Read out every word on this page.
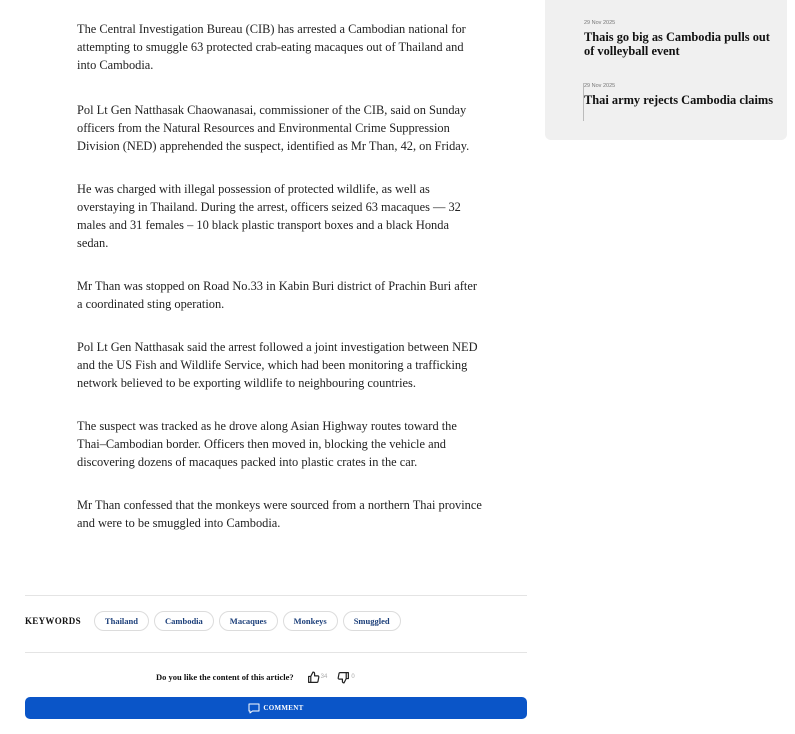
The Central Investigation Bureau (CIB) has arrested a Cambodian national for attempting to smuggle 63 protected crab-eating macaques out of Thailand and into Cambodia.

Pol Lt Gen Natthasak Chaowanasai, commissioner of the CIB, said on Sunday officers from the Natural Resources and Environmental Crime Suppression Division (NED) apprehended the suspect, identified as Mr Than, 42, on Friday.

He was charged with illegal possession of protected wildlife, as well as overstaying in Thailand. During the arrest, officers seized 63 macaques — 32 males and 31 females – 10 black plastic transport boxes and a black Honda sedan.

Mr Than was stopped on Road No.33 in Kabin Buri district of Prachin Buri after a coordinated sting operation.

Pol Lt Gen Natthasak said the arrest followed a joint investigation between NED and the US Fish and Wildlife Service, which had been monitoring a trafficking network believed to be exporting wildlife to neighbouring countries.

The suspect was tracked as he drove along Asian Highway routes toward the Thai–Cambodian border. Officers then moved in, blocking the vehicle and discovering dozens of macaques packed into plastic crates in the car.

Mr Than confessed that the monkeys were sourced from a northern Thai province and were to be smuggled into Cambodia.

29 Nov 2025
Thais go big as Cambodia pulls out of volleyball event
29 Nov 2025
Thai army rejects Cambodia claims
KEYWORDS	Thailand	Cambodia	Macaques	Monkeys	Smuggled
Do you like the content of this article?	34	0
COMMENT
